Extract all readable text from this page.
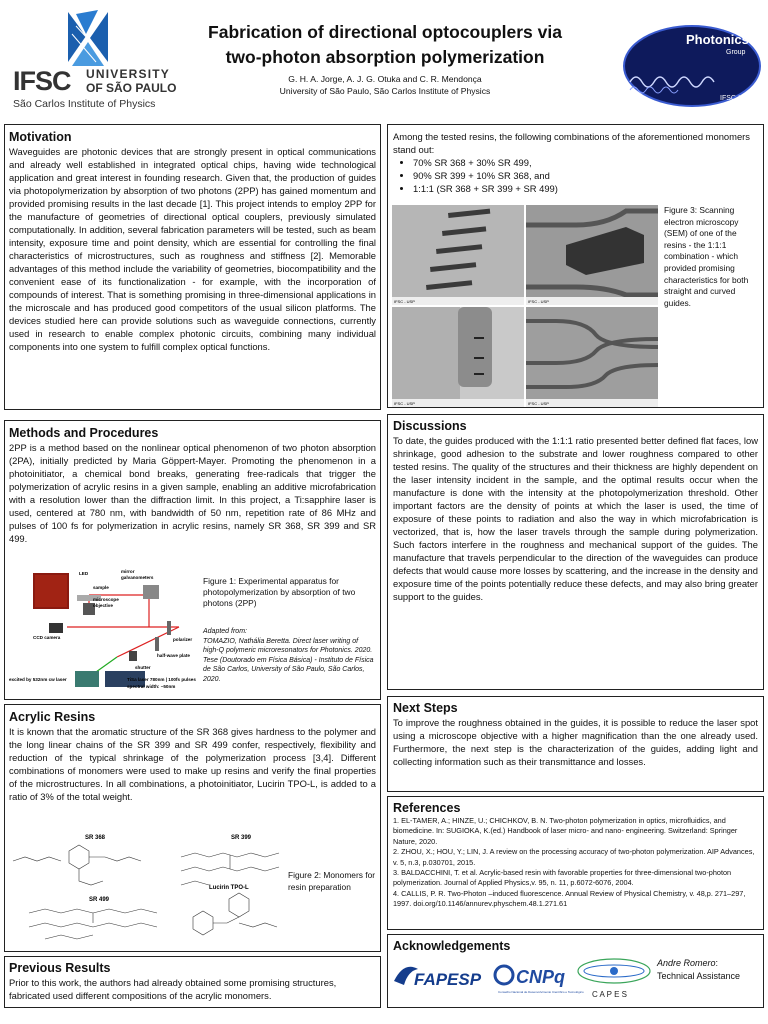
IFSC UNIVERSITY
OF SÃO PAULO
São Carlos Institute of Physics
Fabrication of directional optocouplers via
two-photon absorption polymerization
G. H. A. Jorge, A. J. G. Otuka and C. R. Mendonça
University of São Paulo, São Carlos Institute of Physics
Photonics
Group
IFSC-USP
Motivation

Waveguides are photonic devices that are strongly present in optical communications and already well established in integrated optical chips, having wide technological application and great interest in founding research. Given that, the production of guides via photopolymerization by absorption of two photons (2PP) has gained momentum and provided promising results in the last decade [1]. This project intends to employ 2PP for the manufacture of geometries of directional optical couplers, previously simulated computationally. In addition, several fabrication parameters will be tested, such as beam intensity, exposure time and point density, which are essential for controlling the final characteristics of microstructures, such as roughness and stiffness [2]. Memorable advantages of this method include the variability of geometries, biocompatibility and the convenient ease of its functionalization - for example, with the incorporation of compounds of interest. That is something promising in three-dimensional applications in the microscale and has produced good competitors of the usual silicon platforms. The devices studied here can provide solutions such as waveguide connections, currently used in research to enable complex photonic circuits, combining many individual components into one system to fulfill complex optical functions.

Methods and Procedures

2PP is a method based on the nonlinear optical phenomenon of two photon absorption (2PA), initially predicted by Maria Göppert-Mayer. Promoting the phenomenon in a photoinitiator, a chemical bond breaks, generating free-radicals that trigger the polymerization of acrylic resins in a given sample, enabling an additive microfabrication with a resolution lower than the diffraction limit. In this project, a Ti:sapphire laser is used, centered at 780 nm, with bandwidth of 50 nm, repetition rate of 86 MHz and pulses of 100 fs for polymerization in acrylic resins, namely SR 368, SR 399 and SR 499.

LED	mirror
galvanometers
sample
microscope
objective
CCD camera	polarizer
half-wave plate
shutter
excited by 532nm cw laser	TiSa laser 780nm | 100fs pulses
spectral width: ~50nm
Figure 1: Experimental apparatus for photopolymerization by absorption of two photons (2PP)
Adapted from:
TOMAZIO, Nathália Beretta. Direct laser writing of high-Q polymeric microresonators for Photonics. 2020. Tese (Doutorado em Física Básica) - Instituto de Física de São Carlos, University of São Paulo, São Carlos, 2020.
Acrylic Resins

It is known that the aromatic structure of the SR 368 gives hardness to the polymer and the long linear chains of the SR 399 and SR 499 confer, respectively, flexibility and reduction of the typical shrinkage of the polymerization process [3,4]. Different combinations of monomers were used to make up resins and verify the final properties of the microstructures. In all combinations, a photoinitiator, Lucirin TPO-L, is added to a ratio of 3% of the total weight.

SR 368	SR 399
SR 499
Lucirin TPO-L
Figure 2: Monomers for resin preparation
Previous Results

Prior to this work, the authors had already obtained some promising structures, fabricated used different compositions of the acrylic monomers.

Among the tested resins, the following combinations of the aforementioned monomers stand out:

• 70% SR 368 + 30% SR 499,
• 90% SR 399 + 10% SR 368, and
• 1:1:1 (SR 368 + SR 399 + SR 499)
IFSC - USP	IFSC - USP
IFSC - USP	IFSC - USP
Figure 3: Scanning electron microscopy (SEM) of one of the resins - the 1:1:1 combination - which provided promising characteristics for both straight and curved guides.
Discussions

To date, the guides produced with the 1:1:1 ratio presented better defined flat faces, low shrinkage, good adhesion to the substrate and lower roughness compared to other tested resins. The quality of the structures and their thickness are highly dependent on the laser intensity incident in the sample, and the optimal results occur when the manufacture is done with the intensity at the photopolymerization threshold. Other important factors are the density of points at which the laser is used, the time of exposure of these points to radiation and also the way in which microfabrication is vectorized, that is, how the laser travels through the sample during polymerization. Such factors interfere in the roughness and mechanical support of the guides. The manufacture that travels perpendicular to the direction of the waveguides can produce defects that would cause more losses by scattering, and the increase in the density and exposure time of the points potentially reduce these defects, and may also bring greater support to the guides.

Next Steps

To improve the roughness obtained in the guides, it is possible to reduce the laser spot using a microscope objective with a higher magnification than the one already used. Furthermore, the next step is the characterization of the guides, adding light and collecting information such as their transmittance and losses.

References

1. EL-TAMER, A.; HINZE, U.; CHICHKOV, B. N. Two-photon polymerization in optics, microfluidics, and biomedicine. In: SUGIOKA, K.(ed.) Handbook of laser micro- and nano- engineering. Switzerland: Springer Nature, 2020.

2. ZHOU, X.; HOU, Y.; LIN, J. A review on the processing accuracy of two-photon polymerization. AIP Advances, v. 5, n.3, p.030701, 2015.

3. BALDACCHINI, T. et al. Acrylic-based resin with favorable properties for three-dimensional two-photon polymerization. Journal of Applied Physics,v. 95, n. 11, p.6072-6076, 2004.

4. CALLIS, P. R. Two-Photon –induced fluorescence. Annual Review of Physical Chemistry, v. 48,p. 271–297, 1997. doi.org/10.1146/annurev.physchem.48.1.271.61

Acknowledgements
FAPESP CNPq
Conselho Nacional de Desenvolvimento Científico e Tecnológico C A P E S
Andre Romero:
Technical Assistance
